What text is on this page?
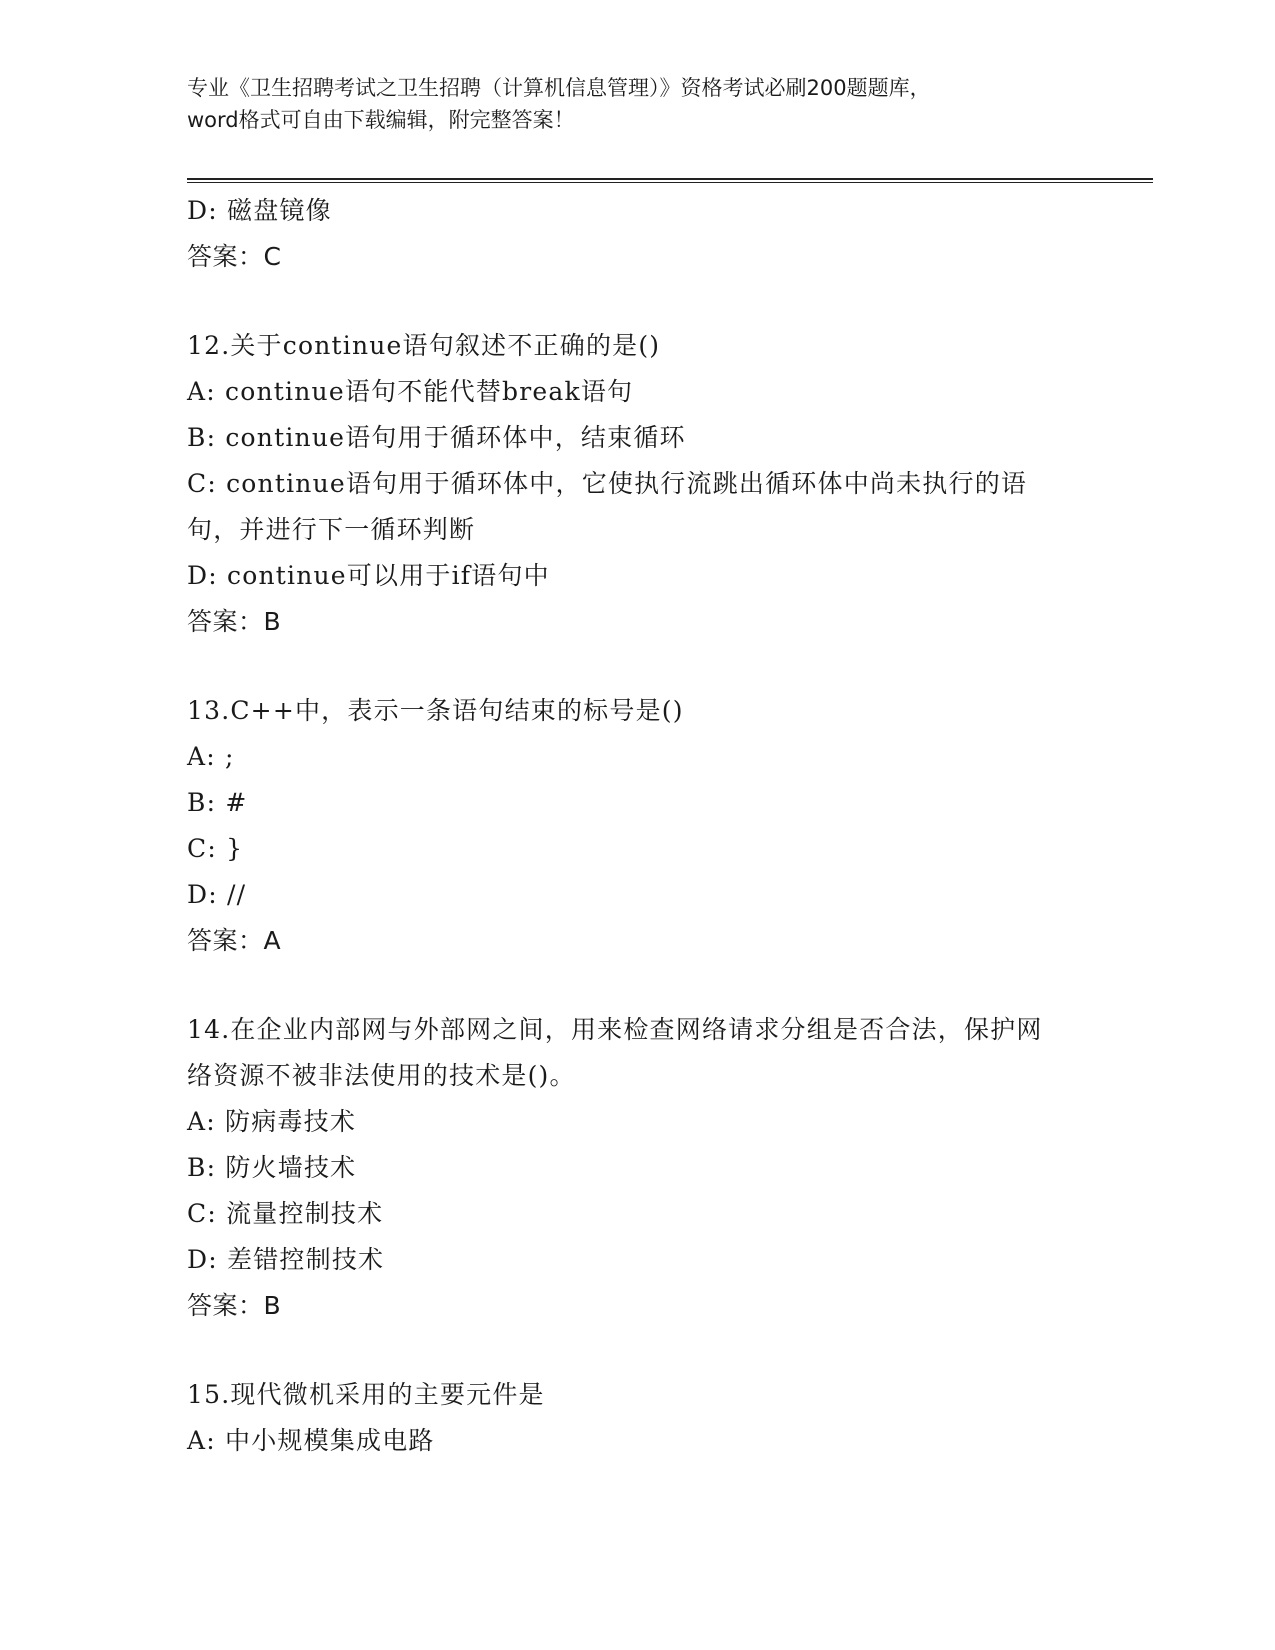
专业《卫生招聘考试之卫生招聘（计算机信息管理）》资格考试必刷200题题库，
word格式可自由下载编辑，附完整答案！
D: 磁盘镜像
答案：C
12.关于continue语句叙述不正确的是()
A: continue语句不能代替break语句
B: continue语句用于循环体中，结束循环
C: continue语句用于循环体中，它使执行流跳出循环体中尚未执行的语句，并进行下一循环判断
D: continue可以用于if语句中
答案：B
13.C++中，表示一条语句结束的标号是()
A: ;
B: #
C: }
D: //
答案：A
14.在企业内部网与外部网之间，用来检查网络请求分组是否合法，保护网络资源不被非法使用的技术是()。
A: 防病毒技术
B: 防火墙技术
C: 流量控制技术
D: 差错控制技术
答案：B
15.现代微机采用的主要元件是
A: 中小规模集成电路
